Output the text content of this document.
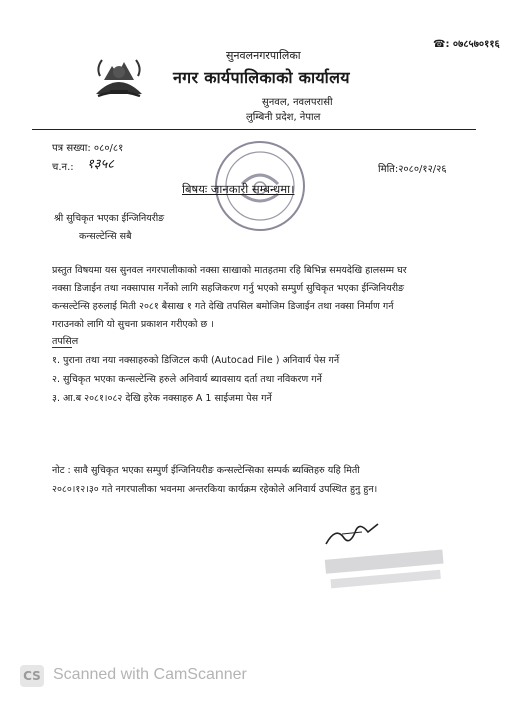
☎: ०७८५७०११६
सुनवलनगरपालिका
नगर कार्यपालिकाको कार्यालय
सुनवल, नवलपरासी
लुम्बिनी प्रदेश, नेपाल
पत्र सख्या: ०८०/८१
च.न.: १३५८	मिति:२०८०/१२/२६
बिषयः जानकारी सम्बन्धमा।
श्री सुचिकृत भएका ईन्जिनियरीङ
कन्सल्टेन्सि सबै
प्रस्तुत विषयमा यस सुनवल नगरपालीकाको नक्सा साखाको मातहतमा रहि बिभिन्न समयदेखि हालसम्म घर
नक्सा डिजाईन तथा नक्सापास गर्नेको लागि सहजिकरण गर्नु भएको सम्पुर्ण सुचिकृत भएका ईन्जिनियरीङ
कन्सल्टेन्सि हरुलाई मिती २०८१ बैसाख १ गते देखि तपसिल बमोजिम डिजाईन तथा नक्सा निर्माण गर्न
गराउनको लागि यो सुचना प्रकाशन गरीएको छ ।
तपसिल
१. पुराना तथा नया नक्साहरुको डिजिटल कपी (Autocad File ) अनिवार्य पेस गर्ने
२. सुचिकृत भएका कन्सल्टेन्सि हरुले अनिवार्य ब्यावसाय दर्ता तथा नविकरण गर्ने
३. आ.ब २०८१।०८२ देखि हरेक नक्साहरु A 1 साईजमा पेस गर्ने
नोट : सावै सुचिकृत भएका सम्पुर्ण ईन्जिनियरीङ कन्सल्टेन्सिका सम्पर्क ब्यक्तिहरु यहि मिती
२०८०।१२।३० गते नगरपालीका भवनमा अन्तरकिया कार्यक्रम रहेकोले अनिवार्य उपस्थित हुनु हुन।
CS Scanned with CamScanner
